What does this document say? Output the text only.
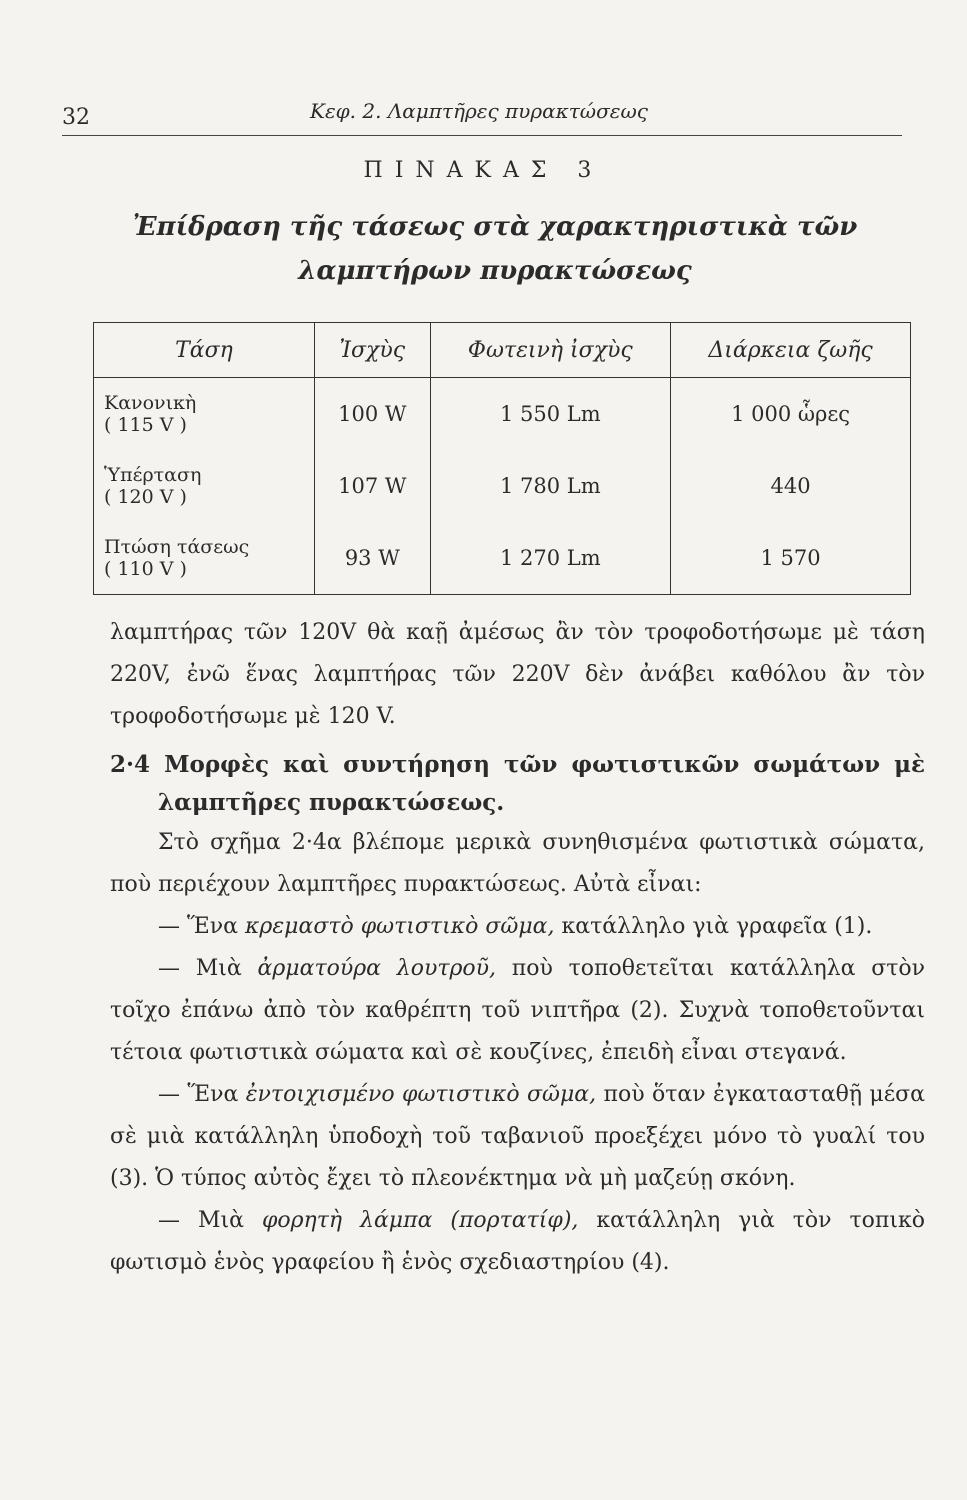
32	Κεφ. 2. Λαμπτῆρες πυρακτώσεως
ΠΙΝΑΚΑΣ 3
Ἐπίδραση τῆς τάσεως στὰ χαρακτηριστικὰ τῶν λαμπτήρων πυρακτώσεως
Τάση	Ἰσχὺς	Φωτεινὴ ἰσχὺς	Διάρκεια ζωῆς

Κανονικὴ
( 115 V )	100 W	1 550 Lm	1 000 ὧρες

Ὑπέρταση
( 120 V )	107 W	1 780 Lm	440

Πτώση τάσεως
( 110 V )	93 W	1 270 Lm	1 570

λαμπτήρας τῶν 120V θὰ καῇ ἀμέσως ἂν τὸν τροφοδοτήσωμε μὲ τάση 220V, ἐνῶ ἕνας λαμπτήρας τῶν 220V δὲν ἀνάβει καθόλου ἂν τὸν τροφοδοτήσωμε μὲ 120 V.

2·4 Μορφὲς καὶ συντήρηση τῶν φωτιστικῶν σωμάτων μὲ λαμπτῆρες πυρακτώσεως.

Στὸ σχῆμα 2·4α βλέπομε μερικὰ συνηθισμένα φωτιστικὰ σώματα, ποὺ περιέχουν λαμπτῆρες πυρακτώσεως. Αὐτὰ εἶναι:

— Ἕνα κρεμαστὸ φωτιστικὸ σῶμα, κατάλληλο γιὰ γραφεῖα (1).

— Μιὰ ἀρματούρα λουτροῦ, ποὺ τοποθετεῖται κατάλληλα στὸν τοῖχο ἐπάνω ἀπὸ τὸν καθρέπτη τοῦ νιπτῆρα (2). Συχνὰ τοποθετοῦνται τέτοια φωτιστικὰ σώματα καὶ σὲ κουζίνες, ἐπειδὴ εἶναι στεγανά.

— Ἕνα ἐντοιχισμένο φωτιστικὸ σῶμα, ποὺ ὅταν ἐγκατασταθῇ μέσα σὲ μιὰ κατάλληλη ὑποδοχὴ τοῦ ταβανιοῦ προεξέχει μόνο τὸ γυαλί του (3). Ὁ τύπος αὐτὸς ἔχει τὸ πλεονέκτημα νὰ μὴ μαζεύῃ σκόνη.

— Μιὰ φορητὴ λάμπα (πορτατίφ), κατάλληλη γιὰ τὸν τοπικὸ φωτισμὸ ἑνὸς γραφείου ἢ ἑνὸς σχεδιαστηρίου (4).
